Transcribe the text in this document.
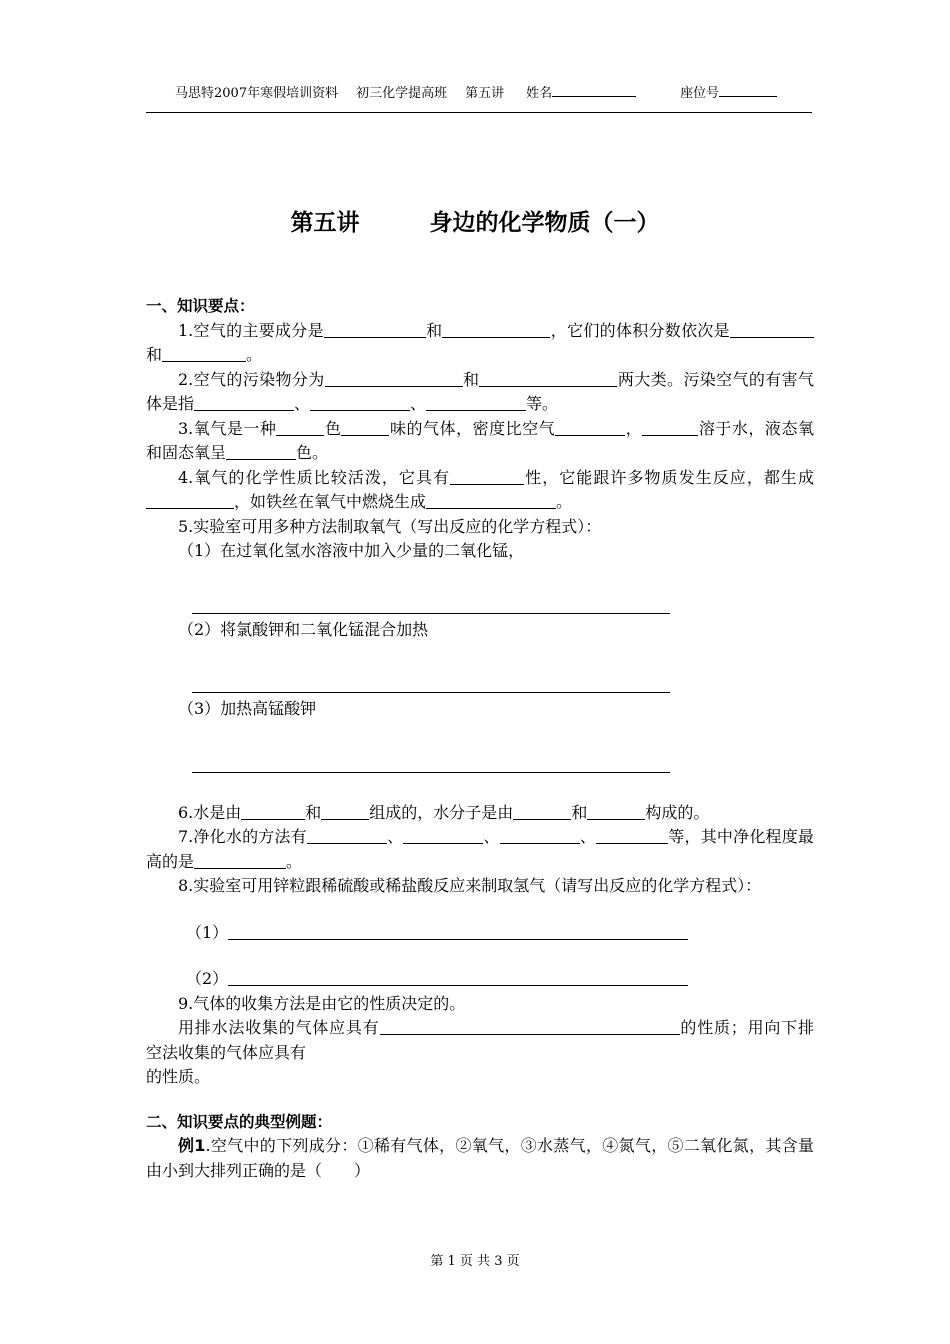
马思特2007年寒假培训资料 初三化学提高班 第五讲 姓名	座位号
第五讲	身边的化学物质（一）
一、知识要点：
1.空气的主要成分是	和	，它们的体积分数依次是和	。
2.空气的污染物分为	和	两大类。污染空气的有害气体是指	、	、	等。
3.氧气是一种	色	味的气体，密度比空气	，	溶于水，液态氧和固态氧呈	色。
4.氧气的化学性质比较活泼，它具有	性，它能跟许多物质发生反应，都生成，如铁丝在氧气中燃烧生成	。
5.实验室可用多种方法制取氧气（写出反应的化学方程式）：
（1）在过氧化氢水溶液中加入少量的二氧化锰，
（2）将氯酸钾和二氧化锰混合加热
（3）加热高锰酸钾
6.水是由	和	组成的，水分子是由	和	构成的。
7.净化水的方法有	、	、	、	等，其中净化程度最高的是	。
8.实验室可用锌粒跟稀硫酸或稀盐酸反应来制取氢气（请写出反应的化学方程式）：
（1）
（2）
9.气体的收集方法是由它的性质决定的。
用排水法收集的气体应具有	的性质；用向下排空法收集的气体应具有
的性质。
二、知识要点的典型例题：
例1.空气中的下列成分：①稀有气体，②氧气，③水蒸气，④氮气，⑤二氧化氮，其含量由小到大排列正确的是（　　）
第 1 页 共 3 页
